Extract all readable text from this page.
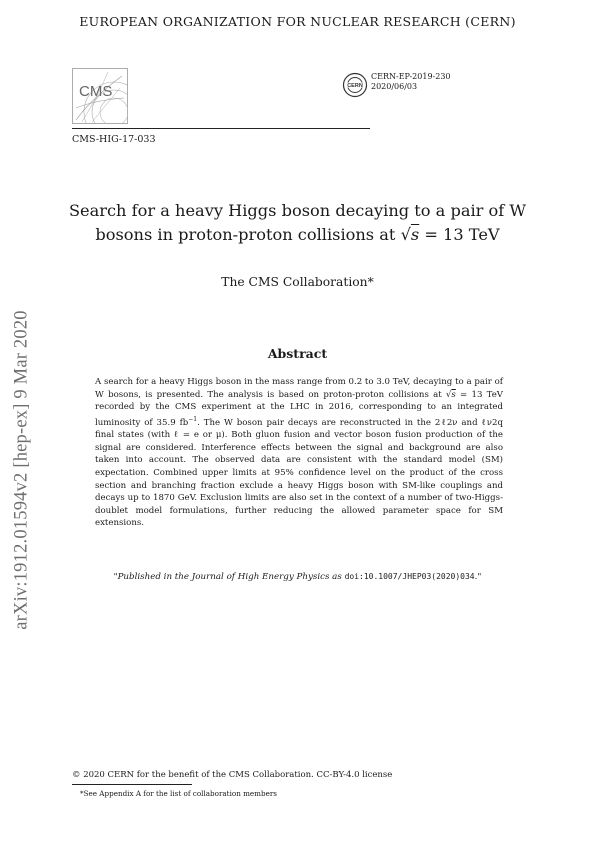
EUROPEAN ORGANIZATION FOR NUCLEAR RESEARCH (CERN)
CMS	CERN
CERN-EP-2019-230
2020/06/03
CMS-HIG-17-033
arXiv:1912.01594v2 [hep-ex] 9 Mar 2020
Search for a heavy Higgs boson decaying to a pair of W
bosons in proton-proton collisions at √s = 13 TeV
The CMS Collaboration*
Abstract
A search for a heavy Higgs boson in the mass range from 0.2 to 3.0 TeV, decaying to a pair of W bosons, is presented. The analysis is based on proton-proton collisions at √s = 13 TeV recorded by the CMS experiment at the LHC in 2016, corresponding to an integrated luminosity of 35.9 $fb^{-1}$. The W boson pair decays are reconstructed in the 2ℓ2ν and ℓν2q final states (with ℓ = e or μ). Both gluon fusion and vector boson fusion production of the signal are considered. Interference effects between the signal and background are also taken into account. The observed data are consistent with the standard model (SM) expectation. Combined upper limits at 95% confidence level on the product of the cross section and branching fraction exclude a heavy Higgs boson with SM-like couplings and decays up to 1870 GeV. Exclusion limits are also set in the context of a number of two-Higgs-doublet model formulations, further reducing the allowed parameter space for SM extensions.
"Published in the Journal of High Energy Physics as doi:10.1007/JHEP03(2020)034."
© 2020 CERN for the benefit of the CMS Collaboration. CC-BY-4.0 license
*See Appendix A for the list of collaboration members
